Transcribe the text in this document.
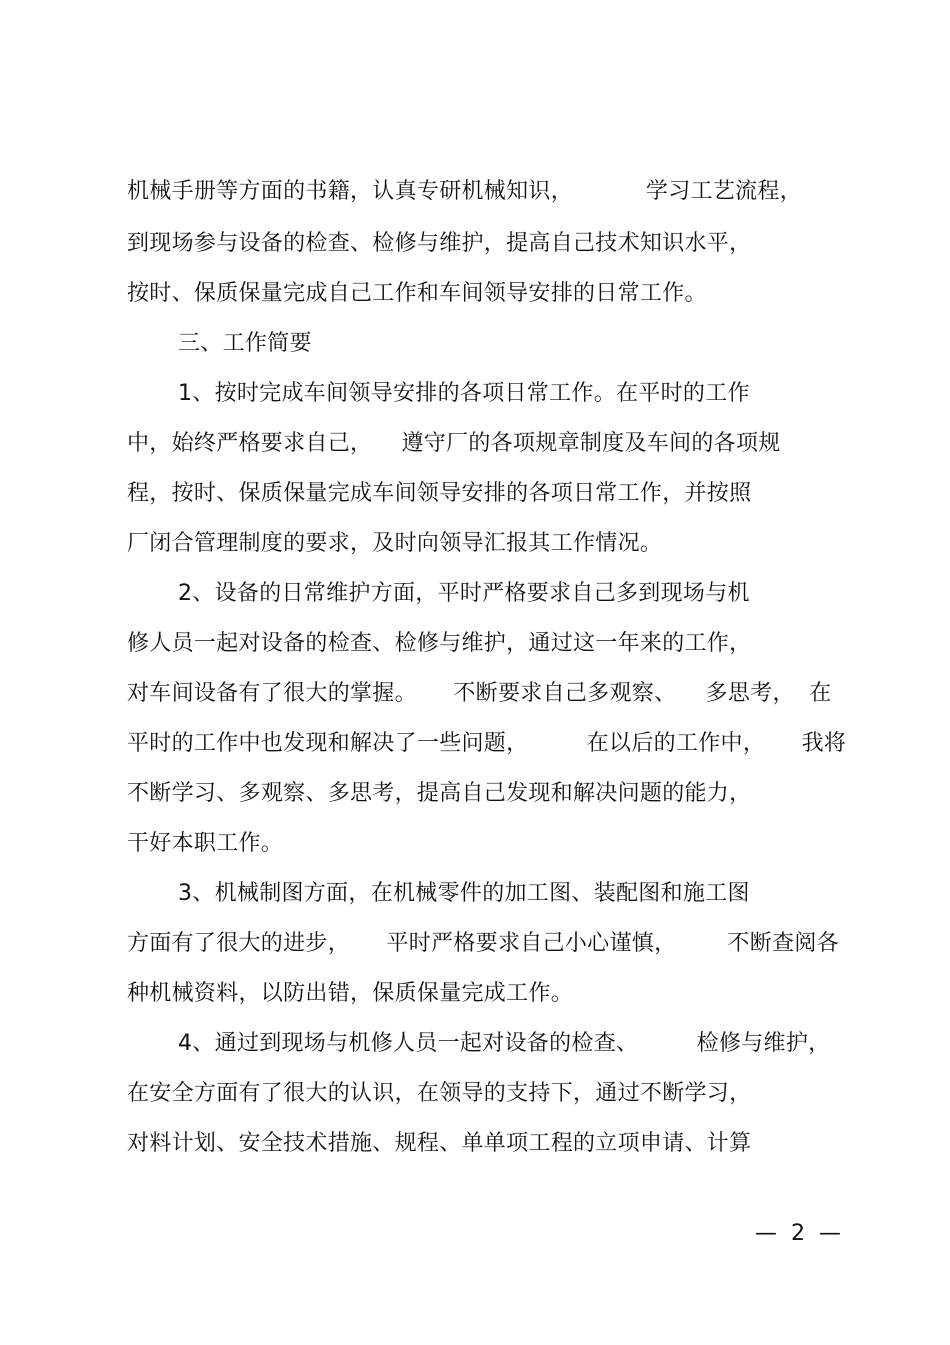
机械手册等方面的书籍，认真专研机械知识，          学习工艺流程，
到现场参与设备的检查、检修与维护，提高自己技术知识水平，
按时、保质保量完成自己工作和车间领导安排的日常工作。
三、工作简要
1、按时完成车间领导安排的各项日常工作。在平时的工作
中，始终严格要求自己，    遵守厂的各项规章制度及车间的各项规
程，按时、保质保量完成车间领导安排的各项日常工作，并按照
厂闭合管理制度的要求，及时向领导汇报其工作情况。
2、设备的日常维护方面，平时严格要求自己多到现场与机
修人员一起对设备的检查、检修与维护，通过这一年来的工作，
对车间设备有了很大的掌握。     不断要求自己多观察、    多思考，  在
平时的工作中也发现和解决了一些问题，        在以后的工作中，     我将
不断学习、多观察、多思考，提高自己发现和解决问题的能力，
干好本职工作。
3、机械制图方面，在机械零件的加工图、装配图和施工图
方面有了很大的进步，     平时严格要求自己小心谨慎，       不断查阅各
种机械资料，以防出错，保质保量完成工作。
4、通过到现场与机修人员一起对设备的检查、        检修与维护，
在安全方面有了很大的认识，在领导的支持下，通过不断学习，
对料计划、安全技术措施、规程、单单项工程的立项申请、计算
—  2  —
